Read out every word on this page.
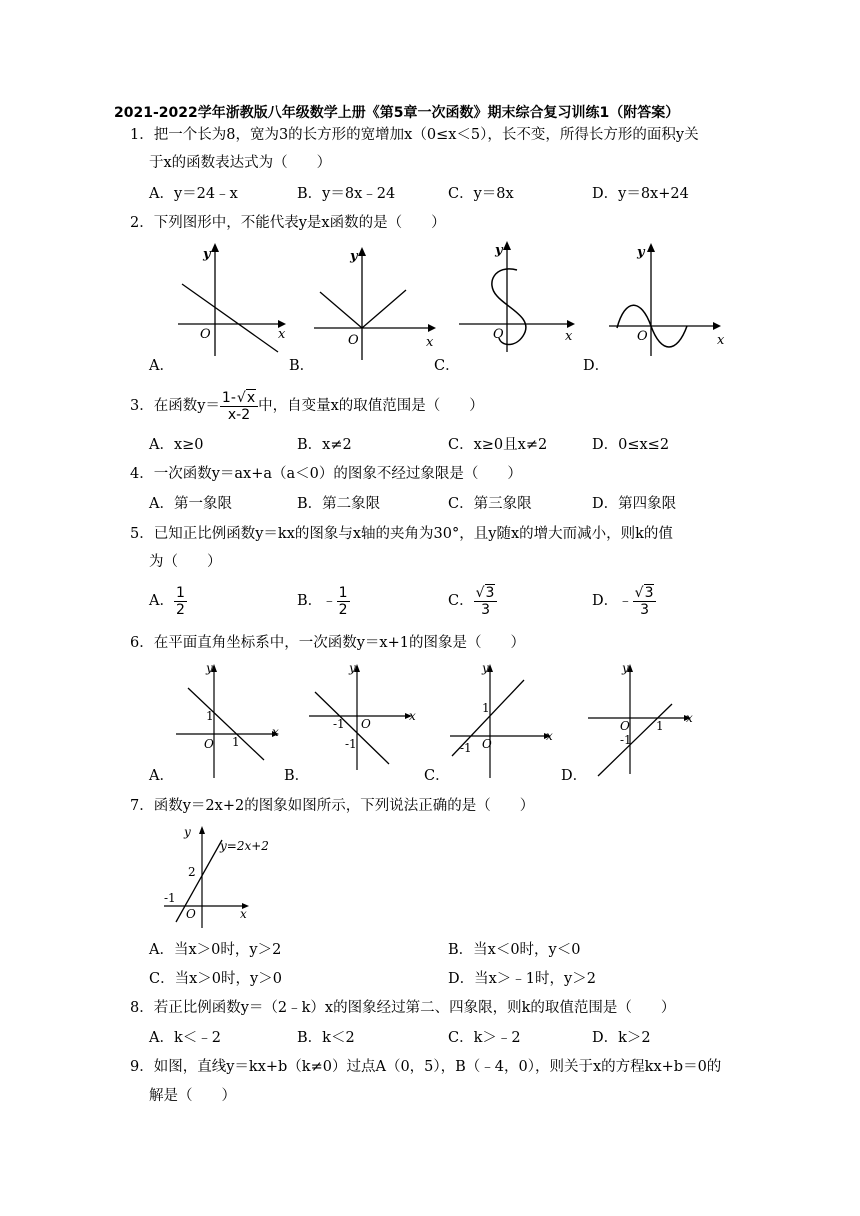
2021-2022学年浙教版八年级数学上册《第5章一次函数》期末综合复习训练1（附答案）
1．把一个长为8，宽为3的长方形的宽增加x（0≤x＜5），长不变，所得长方形的面积y关
于x的函数表达式为（　　）
A．y＝24﹣x	B．y＝8x﹣24	C．y＝8x	D．y＝8x+24
2．下列图形中，不能代表y是x函数的是（　　）
y
O	x
A．
y
O	x
B．
y
O	x
C．
y
O	x
D．
3．在函数$y= \frac{1-√x}{x-2}$ 中，自变量x的取值范围是（　　）
A．x≥0	B．x≠2	C．x≥0且x≠2	D．0≤x≤2
4．一次函数y＝ax+a（a＜0）的图象不经过象限是（　　）
A．第一象限	B．第二象限	C．第三象限	D．第四象限
5．已知正比例函数y＝kx的图象与x轴的夹角为30°，且y随x的增大而减小，则k的值
为（　　）
A． $\frac{1}{2}$	B．﹣ $\frac{1}{2}$	C． $\frac{√3}{3}$	D．﹣ $\frac{√3}{3}$
6．在平面直角坐标系中，一次函数y＝x+1的图象是（　　）
y
x
O
1
1
A．
y
x
O
-1
-1
B．
y
x
O
1
-1
C．
y
x
O 1
-1
D．
7．函数y＝2x+2的图象如图所示，下列说法正确的是（　　）
y
x
O
2
-1
y=2x+2
A．当x＞0时，y＞2	B．当x＜0时，y＜0
C．当x＞0时，y＞0	D．当x＞﹣1时，y＞2
8．若正比例函数y＝（2﹣k）x的图象经过第二、四象限，则k的取值范围是（　　）
A．k＜﹣2	B．k＜2	C．k＞﹣2	D．k＞2
9．如图，直线y＝kx+b（k≠0）过点A（0，5），B（﹣4，0），则关于x的方程kx+b＝0的
解是（　　）
